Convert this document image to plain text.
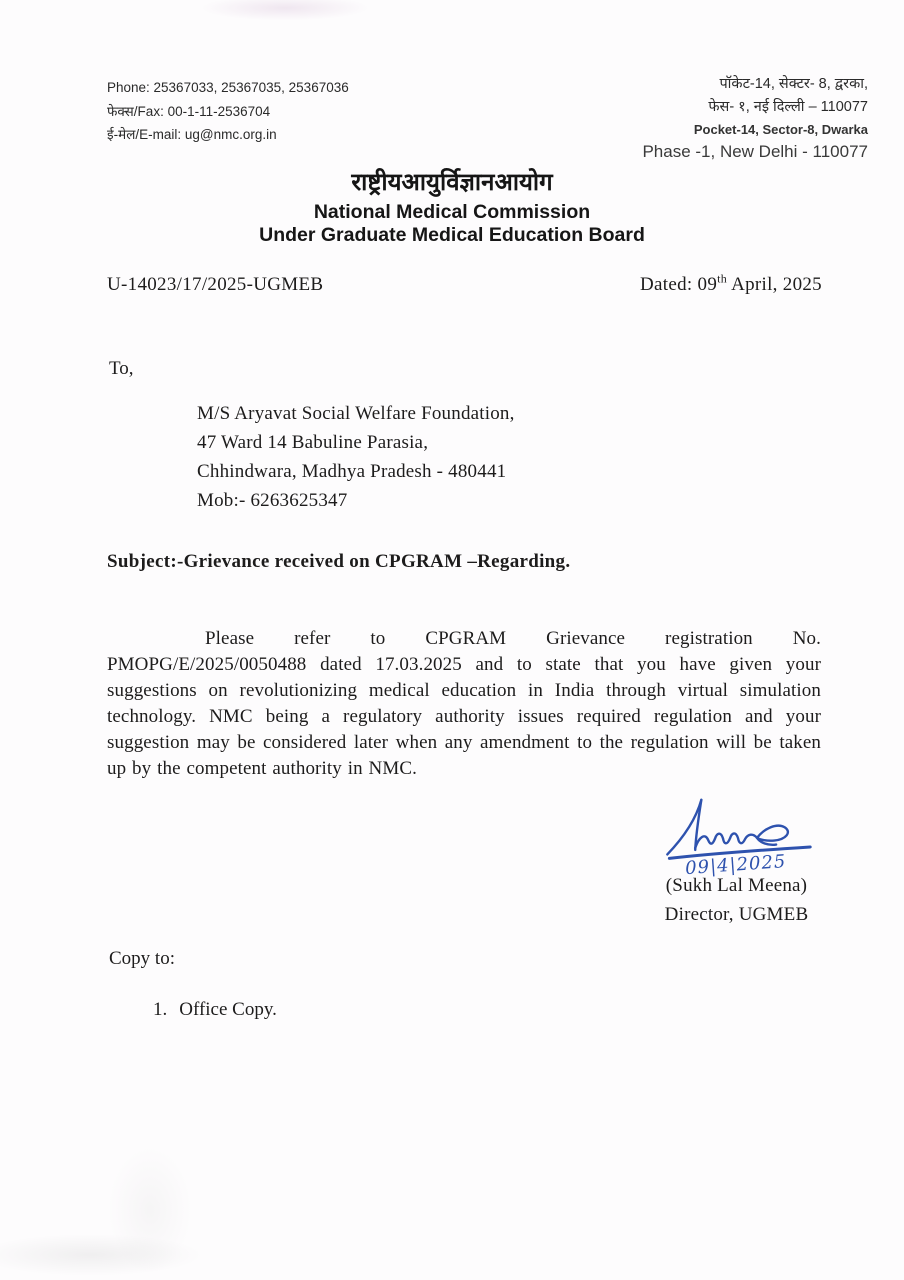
Phone: 25367033, 25367035, 25367036
फेक्स/Fax: 00-1-11-2536704
ई-मेल/E-mail: ug@nmc.org.in
पॉकेट-14, सेक्टर- 8, द्वरका,
फेस- १, नई दिल्ली – 110077
Pocket-14, Sector-8, Dwarka
Phase -1, New Delhi - 110077
राष्ट्रीयआयुर्विज्ञानआयोग
National Medical Commission
Under Graduate Medical Education Board
U-14023/17/2025-UGMEB	Dated: 09th April, 2025
To,
M/S Aryavat Social Welfare Foundation,
47 Ward 14 Babuline Parasia,
Chhindwara, Madhya Pradesh - 480441
Mob:- 6263625347
Subject:-Grievance received on CPGRAM –Regarding.

Please refer to CPGRAM Grievance registration No. PMOPG/E/2025/0050488 dated 17.03.2025 and to state that you have given your suggestions on revolutionizing medical education in India through virtual simulation technology. NMC being a regulatory authority issues required regulation and your suggestion may be considered later when any amendment to the regulation will be taken up by the competent authority in NMC.

09|4|2025
(Sukh Lal Meena)
Director, UGMEB
Copy to:
1. Office Copy.
